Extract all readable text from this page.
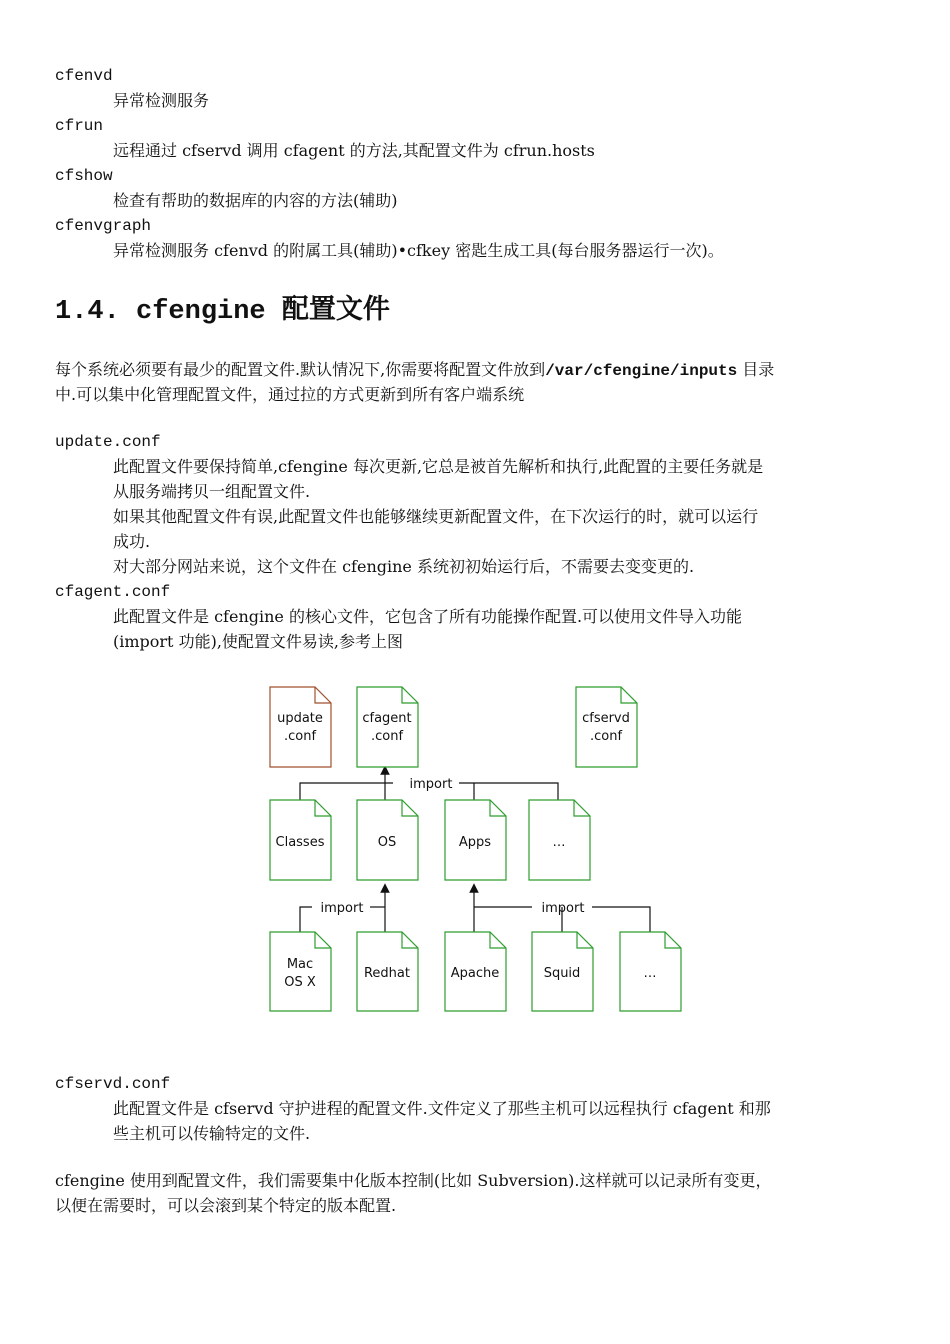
cfenvd
异常检测服务
cfrun
远程通过 cfservd 调用 cfagent 的方法,其配置文件为 cfrun.hosts
cfshow
检查有帮助的数据库的内容的方法(辅助)
cfenvgraph
异常检测服务 cfenvd 的附属工具(辅助)•cfkey 密匙生成工具(每台服务器运行一次)。
1.4. cfengine 配置文件
每个系统必须要有最少的配置文件.默认情况下,你需要将配置文件放到/var/cfengine/inputs 目录
中.可以集中化管理配置文件，通过拉的方式更新到所有客户端系统
update.conf
此配置文件要保持简单,cfengine 每次更新,它总是被首先解析和执行,此配置的主要任务就是
从服务端拷贝一组配置文件.
如果其他配置文件有误,此配置文件也能够继续更新配置文件，在下次运行的时，就可以运行
成功.
对大部分网站来说，这个文件在 cfengine 系统初初始运行后，不需要去变变更的.
cfagent.conf
此配置文件是 cfengine 的核心文件，它包含了所有功能操作配置.可以使用文件导入功能
(import 功能),使配置文件易读,参考上图
import
import	import
update
.conf
cfagent
.conf
cfservd
.conf
Classes	OS	Apps	…
Mac
OS X
Redhat	Apache	Squid	…
cfservd.conf
此配置文件是 cfservd 守护进程的配置文件.文件定义了那些主机可以远程执行 cfagent 和那
些主机可以传输特定的文件.
cfengine 使用到配置文件，我们需要集中化版本控制(比如 Subversion).这样就可以记录所有变更，
以便在需要时，可以会滚到某个特定的版本配置.
